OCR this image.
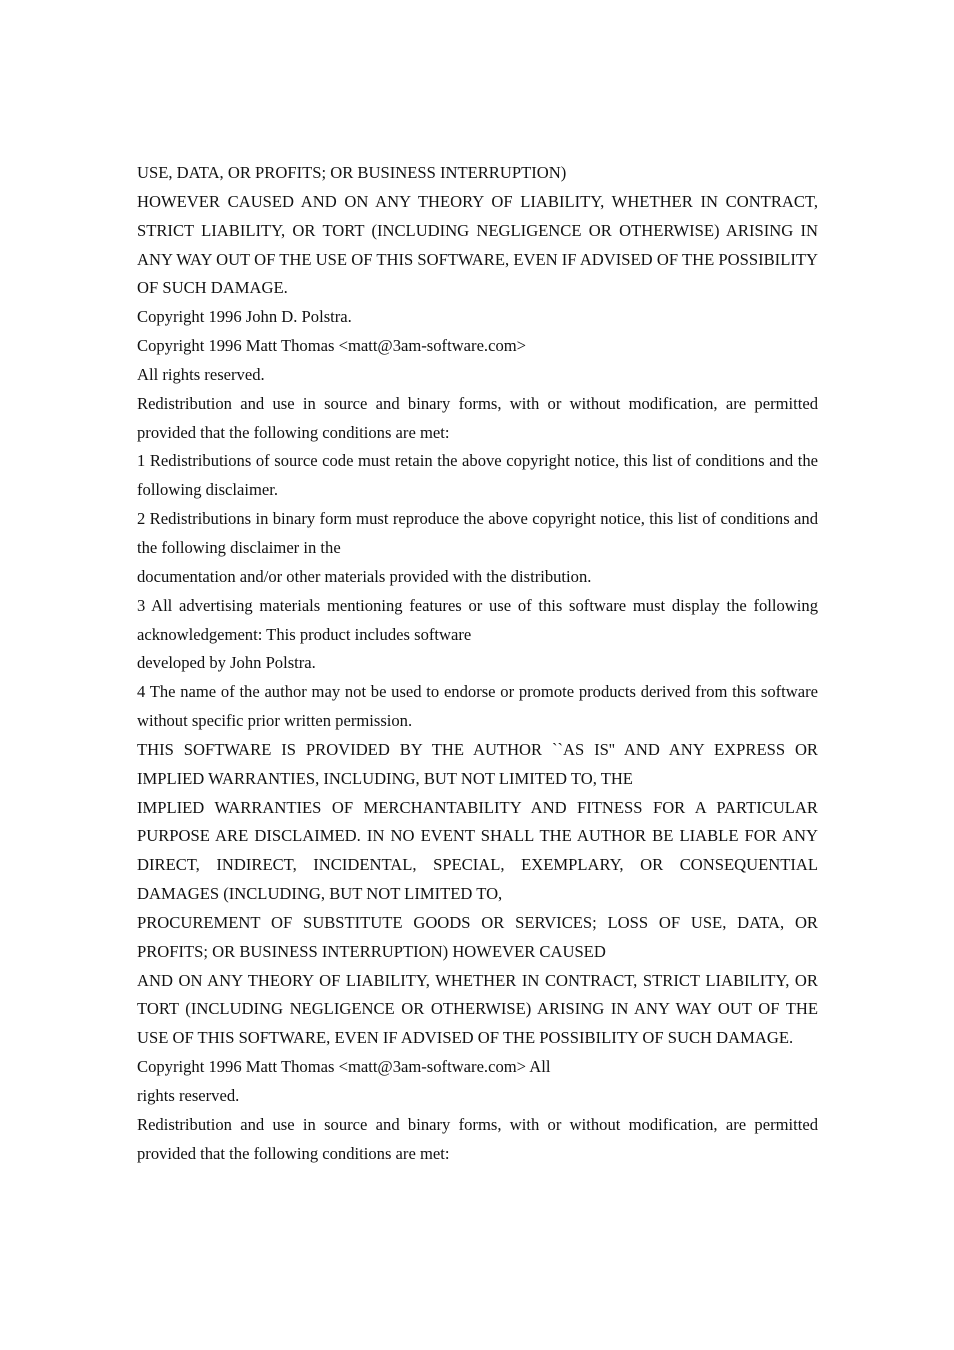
USE, DATA, OR PROFITS; OR BUSINESS INTERRUPTION)

HOWEVER CAUSED AND ON ANY THEORY OF LIABILITY, WHETHER IN CONTRACT, STRICT LIABILITY, OR TORT (INCLUDING NEGLIGENCE OR OTHERWISE) ARISING IN ANY WAY OUT OF THE USE OF THIS SOFTWARE, EVEN IF ADVISED OF THE POSSIBILITY OF SUCH DAMAGE.

Copyright 1996 John D. Polstra.

Copyright 1996 Matt Thomas <matt@3am-software.com>

All rights reserved.

Redistribution and use in source and binary forms, with or without modification, are permitted provided that the following conditions are met:

1 Redistributions of source code must retain the above copyright notice, this list of conditions and the following disclaimer.

2 Redistributions in binary form must reproduce the above copyright notice, this list of conditions and the following disclaimer in the

documentation and/or other materials provided with the distribution.

3 All advertising materials mentioning features or use of this software must display the following acknowledgement: This product includes software

developed by John Polstra.

4 The name of the author may not be used to endorse or promote products derived from this software without specific prior written permission.

THIS SOFTWARE IS PROVIDED BY THE AUTHOR ``AS IS'' AND ANY EXPRESS OR IMPLIED WARRANTIES, INCLUDING, BUT NOT LIMITED TO, THE

IMPLIED WARRANTIES OF MERCHANTABILITY AND FITNESS FOR A PARTICULAR PURPOSE ARE DISCLAIMED. IN NO EVENT SHALL THE AUTHOR BE LIABLE FOR ANY DIRECT, INDIRECT, INCIDENTAL, SPECIAL, EXEMPLARY, OR CONSEQUENTIAL DAMAGES (INCLUDING, BUT NOT LIMITED TO,

PROCUREMENT OF SUBSTITUTE GOODS OR SERVICES; LOSS OF USE, DATA, OR PROFITS; OR BUSINESS INTERRUPTION) HOWEVER CAUSED

AND ON ANY THEORY OF LIABILITY, WHETHER IN CONTRACT, STRICT LIABILITY, OR TORT (INCLUDING NEGLIGENCE OR OTHERWISE) ARISING IN ANY WAY OUT OF THE USE OF THIS SOFTWARE, EVEN IF ADVISED OF THE POSSIBILITY OF SUCH DAMAGE.

Copyright 1996 Matt Thomas <matt@3am-software.com> All

rights reserved.

Redistribution and use in source and binary forms, with or without modification, are permitted provided that the following conditions are met:
